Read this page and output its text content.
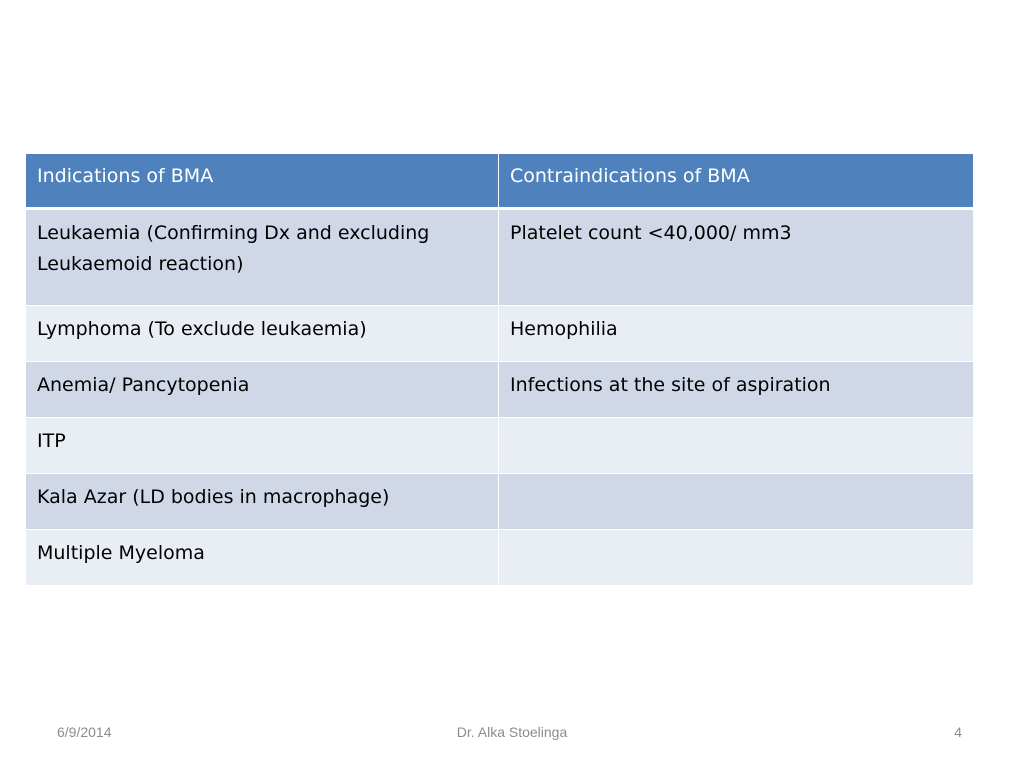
Indications of BMA	Contraindications of BMA
Leukaemia (Confirming Dx and excluding Leukaemoid reaction)	Platelet count <40,000/ mm3
Lymphoma (To exclude leukaemia)	Hemophilia
Anemia/ Pancytopenia	Infections at the site of aspiration
ITP	
Kala Azar (LD bodies in macrophage)	
Multiple Myeloma	
6/9/2014	Dr. Alka Stoelinga	4
